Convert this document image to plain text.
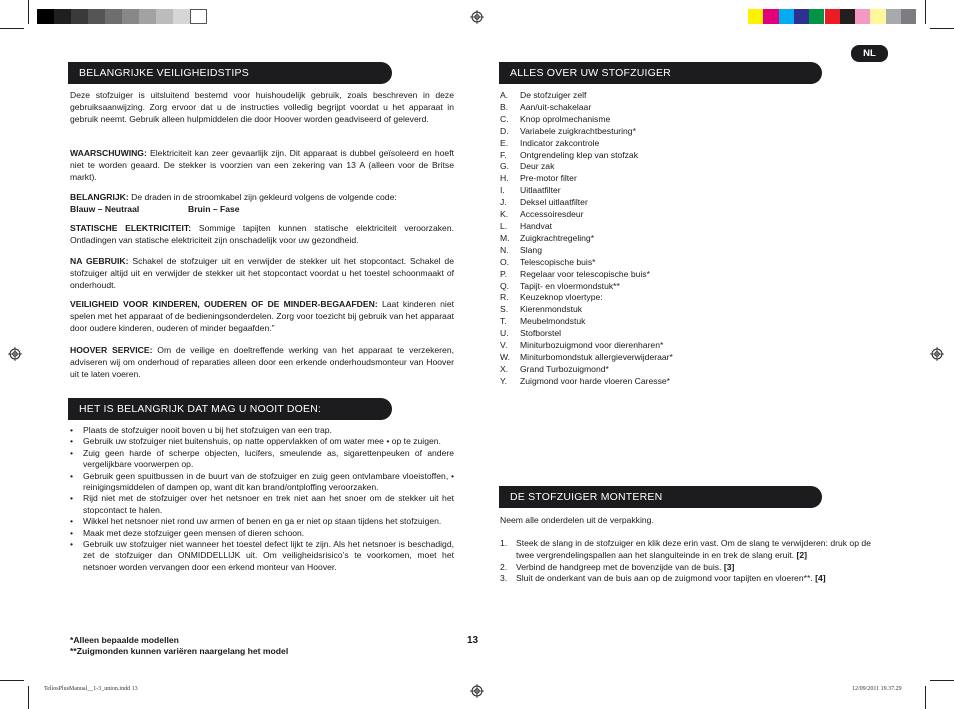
NL
BELANGRIJKE VEILIGHEIDSTIPS
Deze stofzuiger is uitsluitend bestemd voor huishoudelijk gebruik, zoals beschreven in deze gebruiksaanwijzing. Zorg ervoor dat u de instructies volledig begrijpt voordat u het apparaat in gebruik neemt. Gebruik alleen hulpmiddelen die door Hoover worden geadviseerd of geleverd.
WAARSCHUWING: Elektriciteit kan zeer gevaarlijk zijn. Dit apparaat is dubbel geïsoleerd en hoeft niet te worden geaard. De stekker is voorzien van een zekering van 13 A (alleen voor de Britse markt).
BELANGRIJK: De draden in de stroomkabel zijn gekleurd volgens de volgende code:
Blauw – Neutraal	Bruin – Fase
STATISCHE ELEKTRICITEIT: Sommige tapijten kunnen statische elektriciteit veroorzaken. Ontladingen van statische elektriciteit zijn onschadelijk voor uw gezondheid.
NA GEBRUIK: Schakel de stofzuiger uit en verwijder de stekker uit het stopcontact. Schakel de stofzuiger altijd uit en verwijder de stekker uit het stopcontact voordat u het toestel schoonmaakt of onderhoudt.
VEILIGHEID VOOR KINDEREN, OUDEREN OF DE MINDER-BEGAAFDEN: Laat kinderen niet spelen met het apparaat of de bedieningsonderdelen. Zorg voor toezicht bij gebruik van het apparaat door oudere kinderen, ouderen of minder begaafden.”
HOOVER SERVICE: Om de veilige en doeltreffende werking van het apparaat te verzekeren, adviseren wij om onderhoud of reparaties alleen door een erkende onderhoudsmonteur van Hoover uit te laten voeren.
HET IS BELANGRIJK DAT MAG U NOOIT DOEN:
• Plaats de stofzuiger nooit boven u bij het stofzuigen van een trap.
• Gebruik uw stofzuiger niet buitenshuis, op natte oppervlakken of om water mee • op te zuigen.
• Zuig geen harde of scherpe objecten, lucifers, smeulende as, sigarettenpeuken of andere vergelijkbare voorwerpen op.
• Gebruik geen spuitbussen in de buurt van de stofzuiger en zuig geen ontvlambare vloeistoffen, • reinigingsmiddelen of dampen op, want dit kan brand/ontploffing veroorzaken.
• Rijd niet met de stofzuiger over het netsnoer en trek niet aan het snoer om de stekker uit het stopcontact te halen.
• Wikkel het netsnoer niet rond uw armen of benen en ga er niet op staan tijdens het stofzuigen.
• Maak met deze stofzuiger geen mensen of dieren schoon.
• Gebruik uw stofzuiger niet wanneer het toestel defect lijkt te zijn. Als het netsnoer is beschadigd, zet de stofzuiger dan ONMIDDELLIJK uit. Om veiligheidsrisico’s te voorkomen, moet het netsnoer worden vervangen door een erkend monteur van Hoover.
*Alleen bepaalde modellen
**Zuigmonden kunnen variëren naargelang het model
13
ALLES OVER UW STOFZUIGER
A.	De stofzuiger zelf
B.	Aan/uit-schakelaar
C.	Knop oprolmechanisme
D.	Variabele zuigkrachtbesturing*
E.	Indicator zakcontrole
F.	Ontgrendeling klep van stofzak
G.	Deur zak
H.	Pre-motor filter
I.	Uitlaatfilter
J.	Deksel uitlaatfilter
K.	Accessoiresdeur
L.	Handvat
M.	Zuigkrachtregeling*
N.	Slang
O.	Telescopische buis*
P.	Regelaar voor telescopische buis*
Q.	Tapijt- en vloermondstuk**
R.	Keuzeknop vloertype:
S.	Kierenmondstuk
T.	Meubelmondstuk
U.	Stofborstel
V.	Miniturbozuigmond voor dierenharen*
W.	Miniturbomondstuk allergieverwijderaar*
X.	Grand Turbozuigmond*
Y.	Zuigmond voor harde vloeren Caresse*
DE STOFZUIGER MONTEREN
Neem alle onderdelen uit de verpakking.
1. Steek de slang in de stofzuiger en klik deze erin vast. Om de slang te verwijderen: druk op de twee vergrendelingspallen aan het slanguiteinde in en trek de slang eruit. [2]
2. Verbind de handgreep met de bovenzijde van de buis. [3]
3. Sluit de onderkant van de buis aan op de zuigmond voor tapijten en vloeren**. [4]
TelíosPlusManual__1-3_union.indd 13	12/09/2011 19.37.29
